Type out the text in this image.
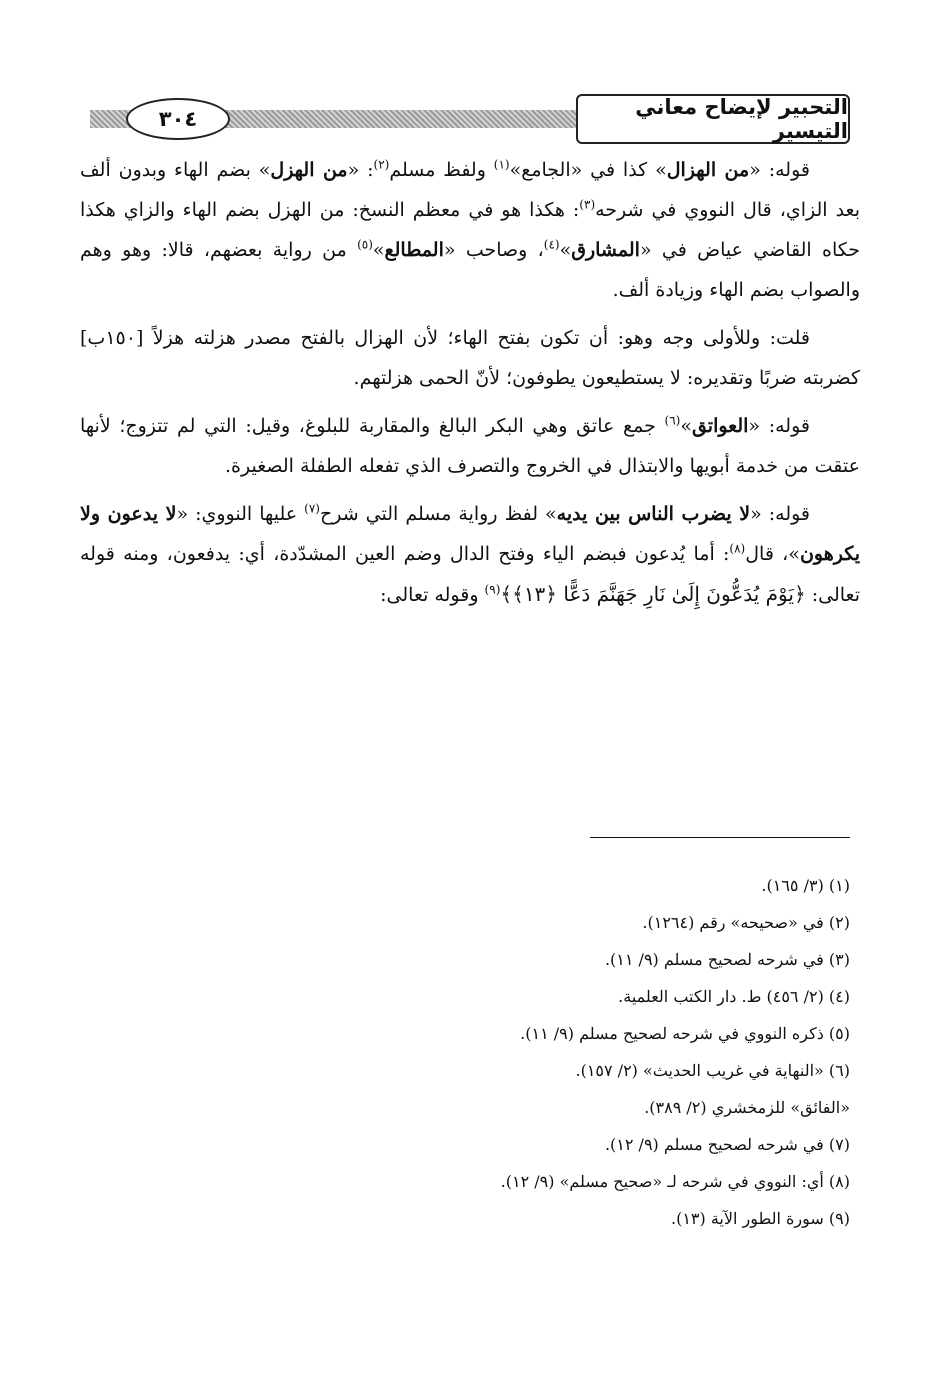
٣٠٤	التحبير لإيضاح معاني التيسير

قوله: «من الهزال» كذا في «الجامع»$^{(١)}$ ولفظ مسلم$^{(٢)}$: «من الهزل» بضم الهاء وبدون ألف بعد الزاي، قال النووي في شرحه$^{(٣)}$: هكذا هو في معظم النسخ: من الهزل بضم الهاء والزاي هكذا حكاه القاضي عياض في «المشارق»$^{(٤)}$، وصاحب «المطالع»$^{(٥)}$ من رواية بعضهم، قالا: وهو وهم والصواب بضم الهاء وزيادة ألف.

قلت: وللأولى وجه وهو: أن تكون بفتح الهاء؛ لأن الهزال بالفتح مصدر هزلته هزلاً [١٥٠ب] كضربته ضربًا وتقديره: لا يستطيعون يطوفون؛ لأنّ الحمى هزلتهم.

قوله: «العواتق»$^{(٦)}$ جمع عاتق وهي البكر البالغ والمقاربة للبلوغ، وقيل: التي لم تتزوج؛ لأنها عتقت من خدمة أبويها والابتذال في الخروج والتصرف الذي تفعله الطفلة الصغيرة.

قوله: «لا يضرب الناس بين يديه» لفظ رواية مسلم التي شرح$^{(٧)}$ عليها النووي: «لا يدعون ولا يكرهون»، قال$^{(٨)}$: أما يُدعون فبضم الياء وفتح الدال وضم العين المشدّدة، أي: يدفعون، ومنه قوله تعالى: ﴿يَوْمَ يُدَعُّونَ إِلَىٰ نَارِ جَهَنَّمَ دَعًّا ﴿١٣﴾﴾$^{(٩)}$ وقوله تعالى:

(١) (٣/ ١٦٥).

(٢) في «صحيحه» رقم (١٢٦٤).

(٣) في شرحه لصحيح مسلم (٩/ ١١).

(٤) (٢/ ٤٥٦) ط. دار الكتب العلمية.

(٥) ذكره النووي في شرحه لصحيح مسلم (٩/ ١١).

(٦) «النهاية في غريب الحديث» (٢/ ١٥٧).

«الفائق» للزمخشري (٢/ ٣٨٩).

(٧) في شرحه لصحيح مسلم (٩/ ١٢).

(٨) أي: النووي في شرحه لـ «صحيح مسلم» (٩/ ١٢).

(٩) سورة الطور الآية (١٣).
